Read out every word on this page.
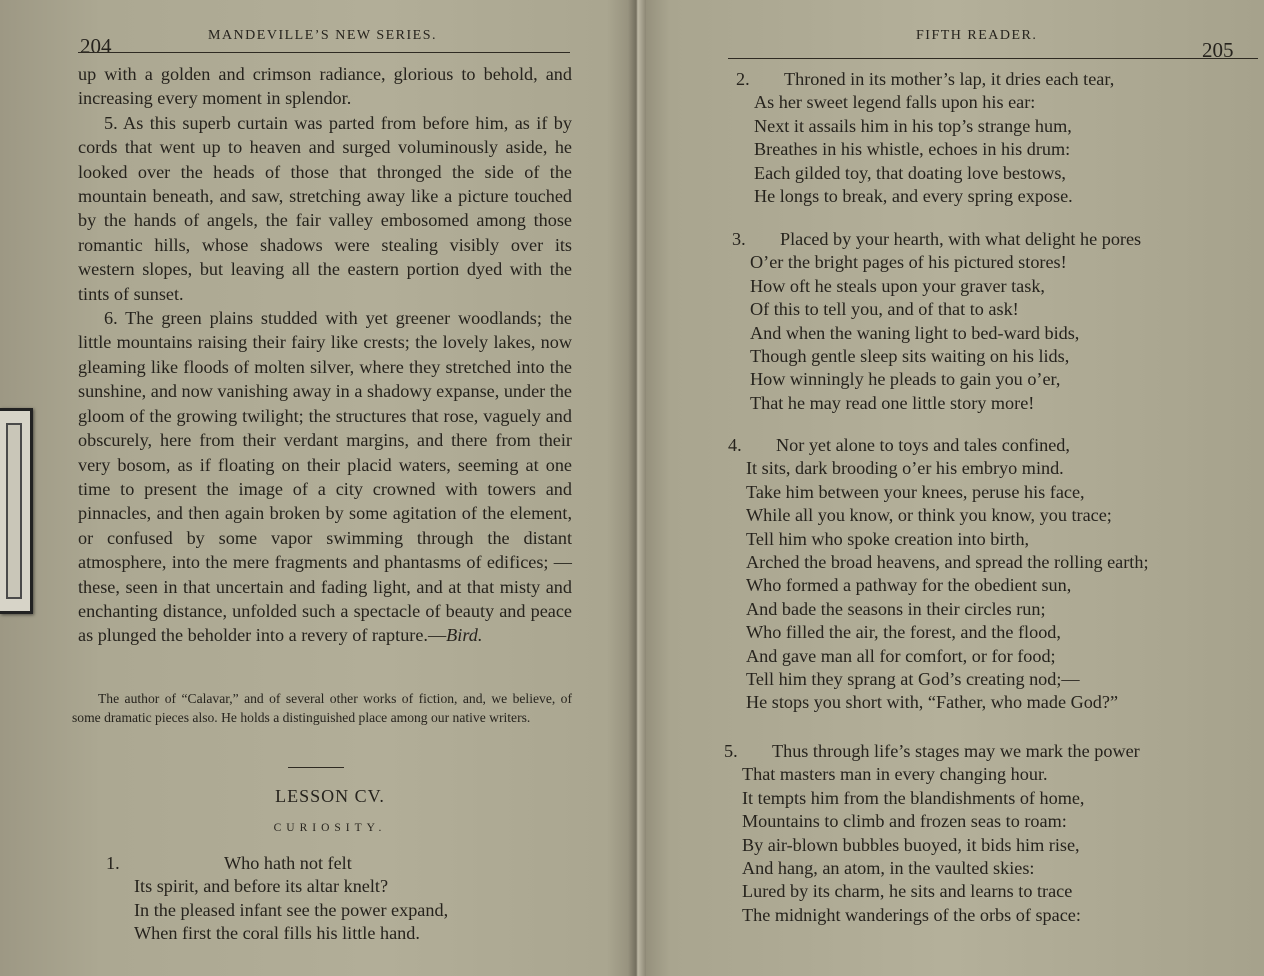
204	MANDEVILLE’S NEW SERIES.

up with a golden and crimson radiance, glorious to behold, and increasing every moment in splendor.

5. As this superb curtain was parted from before him, as if by cords that went up to heaven and surged voluminously aside, he looked over the heads of those that thronged the side of the mountain beneath, and saw, stretching away like a picture touched by the hands of angels, the fair valley embosomed among those romantic hills, whose shadows were stealing visibly over its western slopes, but leaving all the eastern portion dyed with the tints of sunset.

6. The green plains studded with yet greener woodlands; the little mountains raising their fairy like crests; the lovely lakes, now gleaming like floods of molten silver, where they stretched into the sunshine, and now vanishing away in a shadowy expanse, under the gloom of the growing twilight; the structures that rose, vaguely and obscurely, here from their verdant margins, and there from their very bosom, as if floating on their placid waters, seeming at one time to present the image of a city crowned with towers and pinnacles, and then again broken by some agitation of the element, or confused by some vapor swimming through the distant atmosphere, into the mere fragments and phantasms of edifices; —these, seen in that uncertain and fading light, and at that misty and enchanting distance, unfolded such a spectacle of beauty and peace as plunged the beholder into a revery of rapture.—Bird.

The author of “Calavar,” and of several other works of fiction, and, we believe, of some dramatic pieces also. He holds a distinguished place among our native writers.
LESSON CV.
CURIOSITY.
1.	Who hath not felt
Its spirit, and before its altar knelt?
In the pleased infant see the power expand,
When first the coral fills his little hand.
FIFTH READER.
205
2. Throned in its mother’s lap, it dries each tear,
As her sweet legend falls upon his ear:
Next it assails him in his top’s strange hum,
Breathes in his whistle, echoes in his drum:
Each gilded toy, that doating love bestows,
He longs to break, and every spring expose.
3. Placed by your hearth, with what delight he pores
O’er the bright pages of his pictured stores!
How oft he steals upon your graver task,
Of this to tell you, and of that to ask!
And when the waning light to bed-ward bids,
Though gentle sleep sits waiting on his lids,
How winningly he pleads to gain you o’er,
That he may read one little story more!
4. Nor yet alone to toys and tales confined,
It sits, dark brooding o’er his embryo mind.
Take him between your knees, peruse his face,
While all you know, or think you know, you trace;
Tell him who spoke creation into birth,
Arched the broad heavens, and spread the rolling earth;
Who formed a pathway for the obedient sun,
And bade the seasons in their circles run;
Who filled the air, the forest, and the flood,
And gave man all for comfort, or for food;
Tell him they sprang at God’s creating nod;—
He stops you short with, “Father, who made God?”
5. Thus through life’s stages may we mark the power
That masters man in every changing hour.
It tempts him from the blandishments of home,
Mountains to climb and frozen seas to roam:
By air-blown bubbles buoyed, it bids him rise,
And hang, an atom, in the vaulted skies:
Lured by its charm, he sits and learns to trace
The midnight wanderings of the orbs of space:
